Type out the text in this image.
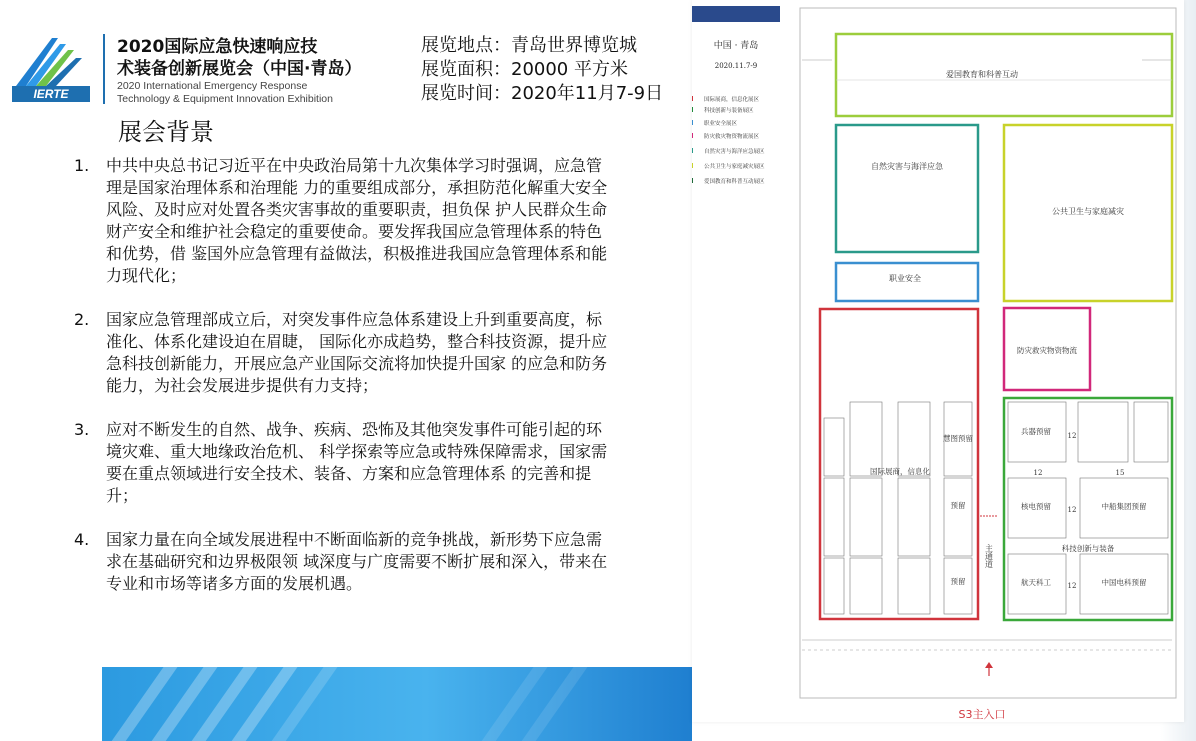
IERTE
2020国际应急快速响应技
术装备创新展览会（中国·青岛）
2020 International Emergency Response
Technology & Equipment Innovation Exhibition
展览地点：青岛世界博览城
展览面积：20000 平方米
展览时间：2020年11月7-9日
展会背景
1. 中共中央总书记习近平在中央政治局第十九次集体学习时强调，应急管理是国家治理体系和治理能 力的重要组成部分，承担防范化解重大安全风险、及时应对处置各类灾害事故的重要职责，担负保 护人民群众生命财产安全和维护社会稳定的重要使命。要发挥我国应急管理体系的特色和优势，借 鉴国外应急管理有益做法，积极推进我国应急管理体系和能力现代化；
2. 国家应急管理部成立后，对突发事件应急体系建设上升到重要高度，标准化、体系化建设迫在眉睫， 国际化亦成趋势，整合科技资源，提升应急科技创新能力，开展应急产业国际交流将加快提升国家 的应急和防务能力，为社会发展进步提供有力支持；
3. 应对不断发生的自然、战争、疾病、恐怖及其他突发事件可能引起的环境灾难、重大地缘政治危机、 科学探索等应急或特殊保障需求，国家需要在重点领域进行安全技术、装备、方案和应急管理体系 的完善和提升；
4. 国家力量在向全域发展进程中不断面临新的竞争挑战，新形势下应急需求在基础研究和边界极限领 域深度与广度需要不断扩展和深入，带来在专业和市场等诸多方面的发展机遇。
中国 · 青岛
2020.11.7-9
国际展商，信息化展区
科技创新与装备展区
职业安全展区
防灾救灾物资物流展区
自然灾害与海洋应急展区
公共卫生与家庭减灾展区
爱国教育和科普互动展区
爱国教育和科普互动
自然灾害与海洋应急
公共卫生与家庭减灾
职业安全
防灾救灾物资物流
国际展商，信息化
慧图预留
预留
预留
主通道
兵器预留
核电预留	中船集团预留
航天科工	中国电科预留
科技创新与装备
12
12	15
12
12
S3主入口
